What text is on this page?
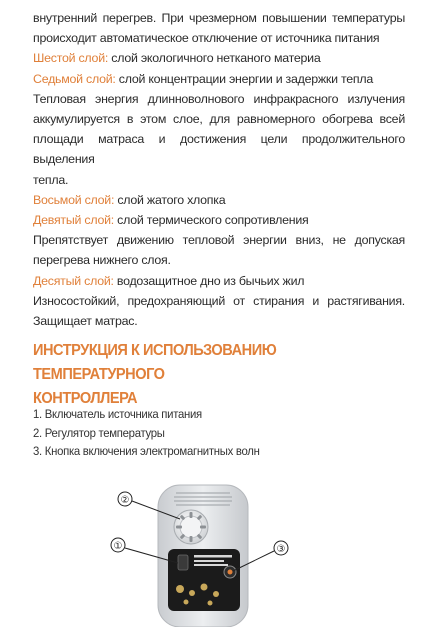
внутренний перегрев. При чрезмерном повышении температуры

происходит автоматическое отключение от источника питания

Шестой слой: слой экологичного нетканого материа

Седьмой слой: слой концентрации энергии и задержки тепла

Тепловая энергия длинноволнового инфракрасного излучения

аккумулируется в этом слое, для равномерного обогрева всей

площади матраса и достижения цели продолжительного выделения

тепла.

Восьмой слой: слой жатого хлопка

Девятый слой: слой термического сопротивления

Препятствует движению тепловой энергии вниз, не допуская

перегрева нижнего слоя.

Десятый слой: водозащитное дно из бычьих жил

Износостойкий, предохраняющий от стирания и растягивания.

Защищает матрас.

ИНСТРУКЦИЯ К ИСПОЛЬЗОВАНИЮ ТЕМПЕРАТУРНОГО
КОНТРОЛЛЕРА
1. Включатель источника питания
2. Регулятор температуры
3. Кнопка включения электромагнитных волн
②
①	③
